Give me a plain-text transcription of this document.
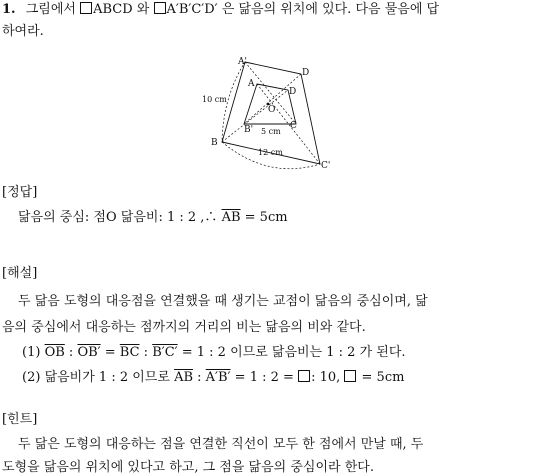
1. 그림에서 ABCD 와 A′B′C′D′ 은 닮음의 위치에 있다. 다음 물음에 답
하여라.
A'
D
B
C'
A
D
B'	C
O
10 cm
5 cm
12 cm
[정답]
닮음의 중심: 점O 닮음비: 1 : 2 ,∴ $\overline{AB} = 5cm$
[해설]
두 닮음 도형의 대응점을 연결했을 때 생기는 교점이 닮음의 중심이며, 닮
음의 중심에서 대응하는 점까지의 거리의 비는 닮음의 비와 같다.
(1) $\overline{OB}$ : $OB' = \overline{BC}$ : B′C′ = 1 : 2 이므로 닮음비는 1 : 2 가 된다.
(2) 닮음비가 1 : 2 이므로 $\overline{AB}$ : A′B′ = 1 : 2 = : 10, = 5cm
[힌트]
두 닮은 도형의 대응하는 점을 연결한 직선이 모두 한 점에서 만날 때, 두
도형을 닮음의 위치에 있다고 하고, 그 점을 닮음의 중심이라 한다.
